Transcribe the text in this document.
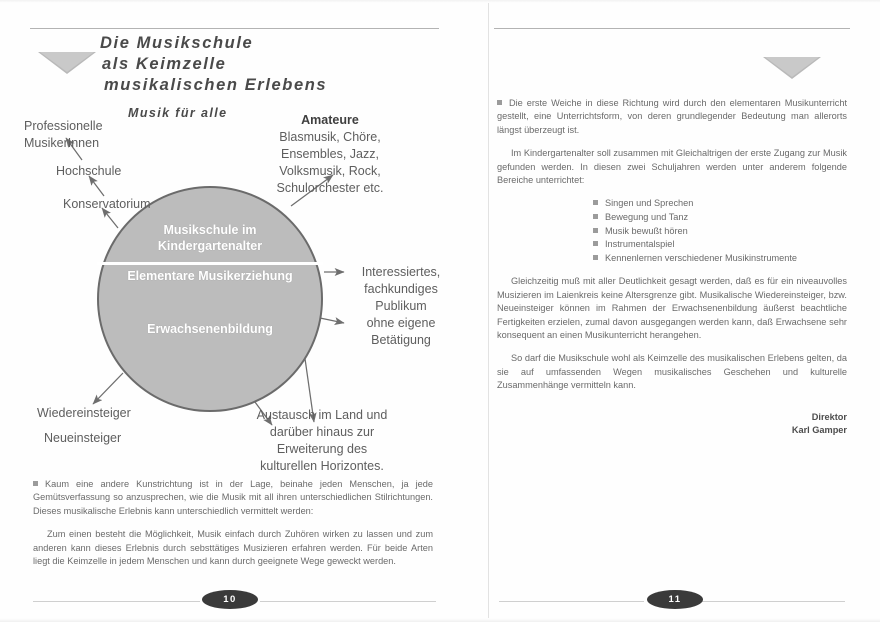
Die Musikschule
als Keimzelle
musikalischen Erlebens
Musik für alle
Musikschule im
Kindergartenalter
Elementare Musikerziehung
Erwachsenenbildung
Professionelle
MusikerInnen
Hochschule
Konservatorium
Amateure
Blasmusik, Chöre,
Ensembles, Jazz,
Volksmusik, Rock,
Schulorchester etc.
Interessiertes,
fachkundiges
Publikum
ohne eigene
Betätigung
Wiedereinsteiger
Neueinsteiger
Austausch im Land und
darüber hinaus zur
Erweiterung des
kulturellen Horizontes.

Kaum eine andere Kunstrichtung ist in der Lage, beinahe jeden Menschen, ja jede Gemütsverfassung so anzusprechen, wie die Musik mit all ihren unterschiedlichen Stilrichtungen. Dieses musikalische Erlebnis kann unterschiedlich vermittelt werden:

Zum einen besteht die Möglichkeit, Musik einfach durch Zuhören wirken zu lassen und zum anderen kann dieses Erlebnis durch sebsttätiges Musizieren erfahren werden. Für beide Arten liegt die Keimzelle in jedem Menschen und kann durch geeignete Wege geweckt werden.

10

Die erste Weiche in diese Richtung wird durch den elementaren Musikunterricht gestellt, eine Unterrichtsform, von deren grundlegender Bedeutung man allerorts längst überzeugt ist.

Im Kindergartenalter soll zusammen mit Gleichaltrigen der erste Zugang zur Musik gefunden werden. In diesen zwei Schuljahren werden unter anderem folgende Bereiche unterrichtet:

Singen und Sprechen
Bewegung und Tanz
Musik bewußt hören
Instrumentalspiel
Kennenlernen verschiedener Musikinstrumente

Gleichzeitig muß mit aller Deutlichkeit gesagt werden, daß es für ein niveauvolles Musizieren im Laienkreis keine Altersgrenze gibt. Musikalische Wiedereinsteiger, bzw. Neueinsteiger können im Rahmen der Erwachsenenbildung äußerst beachtliche Fertigkeiten erzielen, zumal davon ausgegangen werden kann, daß Erwachsene sehr konsequent an einen Musikunterricht herangehen.

So darf die Musikschule wohl als Keimzelle des musikalischen Erlebens gelten, da sie auf umfassenden Wegen musikalisches Geschehen und kulturelle Zusammenhänge vermitteln kann.

Direktor
Karl Gamper
11
